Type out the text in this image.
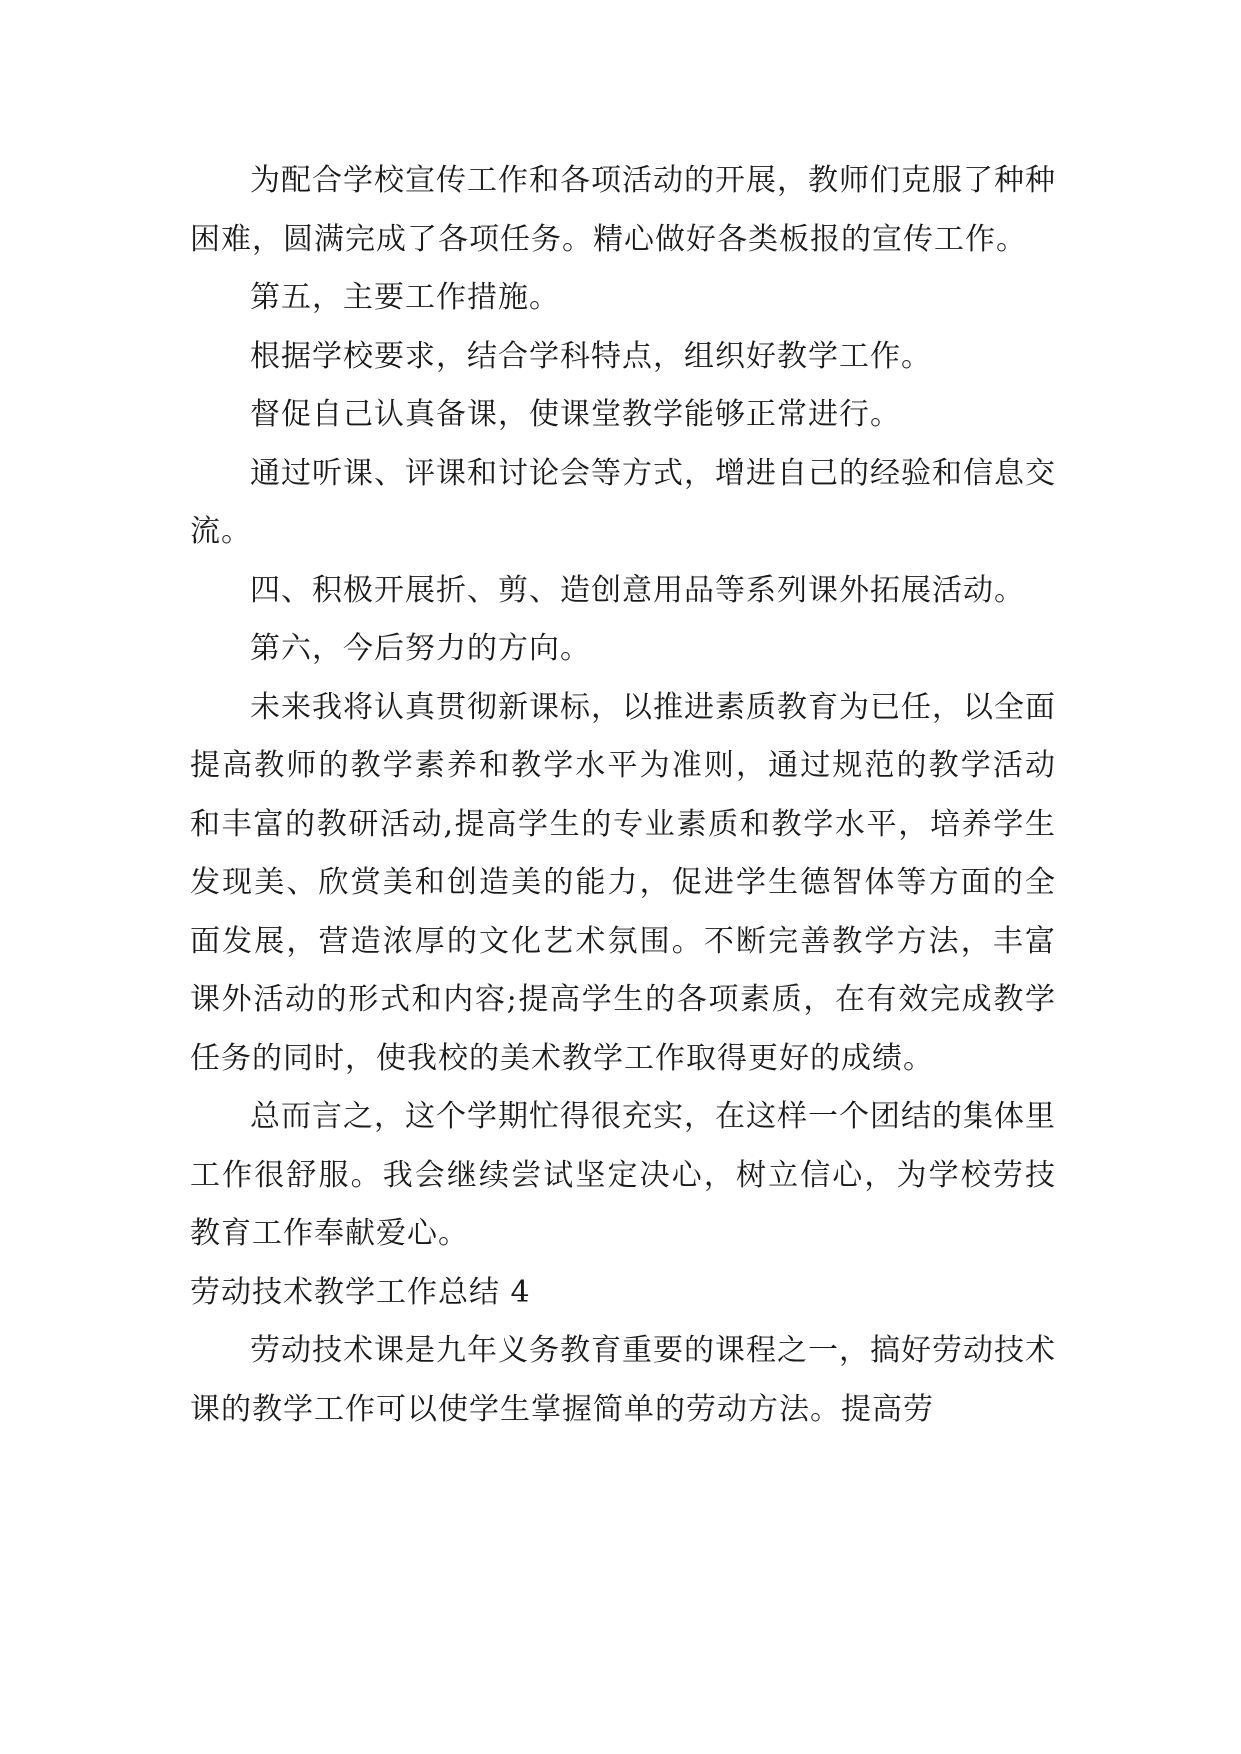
为配合学校宣传工作和各项活动的开展，教师们克服了种种困难，圆满完成了各项任务。精心做好各类板报的宣传工作。

第五，主要工作措施。

根据学校要求，结合学科特点，组织好教学工作。

督促自己认真备课，使课堂教学能够正常进行。

通过听课、评课和讨论会等方式，增进自己的经验和信息交流。

四、积极开展折、剪、造创意用品等系列课外拓展活动。

第六，今后努力的方向。

未来我将认真贯彻新课标，以推进素质教育为已任，以全面提高教师的教学素养和教学水平为准则，通过规范的教学活动和丰富的教研活动,提高学生的专业素质和教学水平，培养学生发现美、欣赏美和创造美的能力，促进学生德智体等方面的全面发展，营造浓厚的文化艺术氛围。不断完善教学方法，丰富课外活动的形式和内容;提高学生的各项素质，在有效完成教学任务的同时，使我校的美术教学工作取得更好的成绩。

总而言之，这个学期忙得很充实，在这样一个团结的集体里工作很舒服。我会继续尝试坚定决心，树立信心，为学校劳技教育工作奉献爱心。

劳动技术教学工作总结 4

劳动技术课是九年义务教育重要的课程之一，搞好劳动技术课的教学工作可以使学生掌握简单的劳动方法。提高劳
